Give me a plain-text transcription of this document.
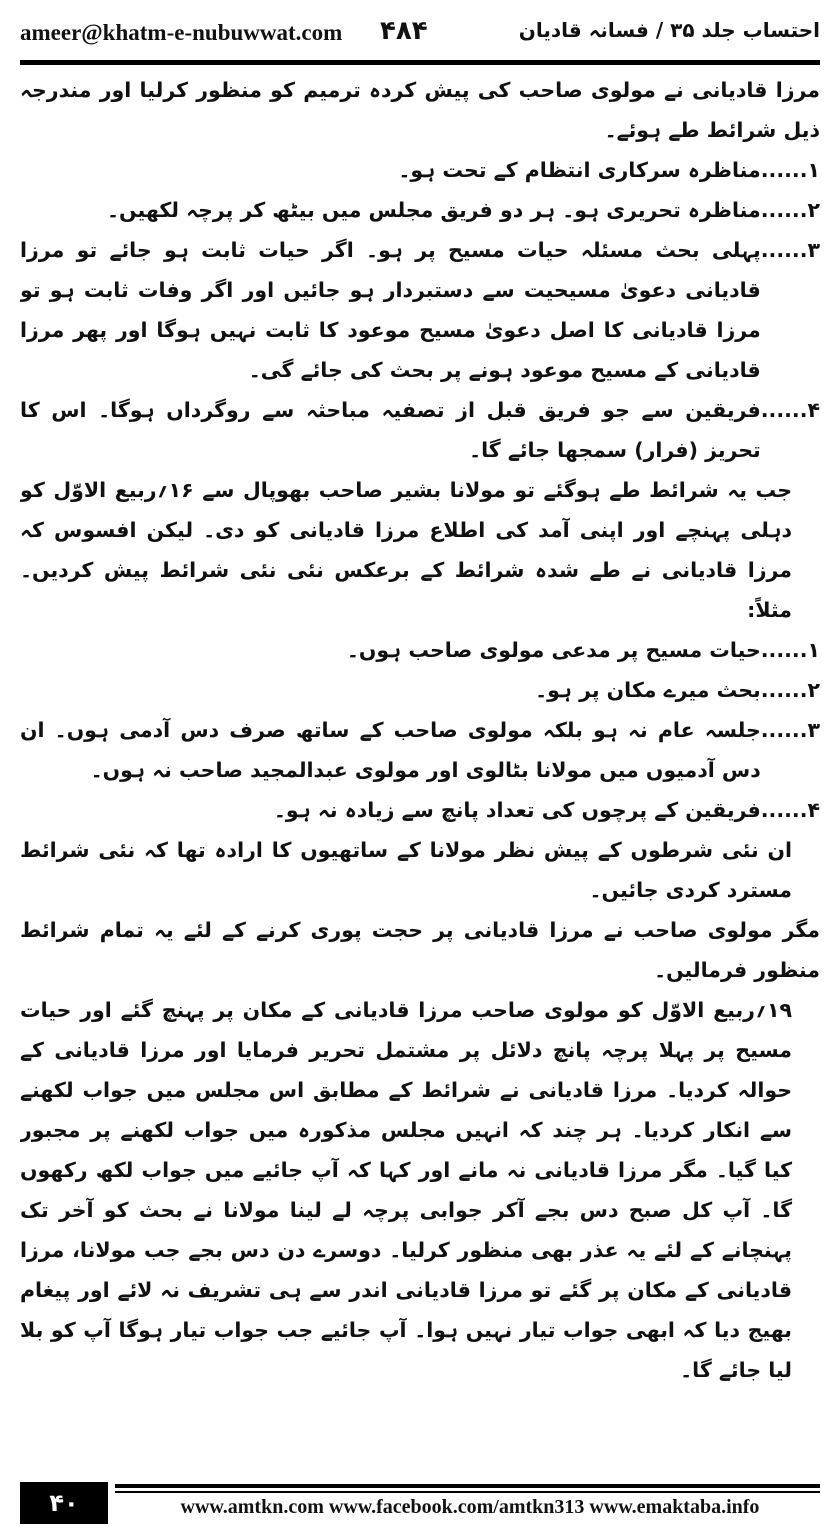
ameer@khatm-e-nubuwwat.com ۴۸۴	احتساب جلد ۳۵ / فسانہ قادیان

مرزا قادیانی نے مولوی صاحب کی پیش کردہ ترمیم کو منظور کرلیا اور مندرجہ ذیل شرائط طے ہوئے۔

۱......

مناظرہ سرکاری انتظام کے تحت ہو۔

۲......

مناظرہ تحریری ہو۔ ہر دو فریق مجلس میں بیٹھ کر پرچہ لکھیں۔

۳......

پہلی بحث مسئلہ حیات مسیح پر ہو۔ اگر حیات ثابت ہو جائے تو مرزا قادیانی دعویٰ مسیحیت سے دستبردار ہو جائیں اور اگر وفات ثابت ہو تو مرزا قادیانی کا اصل دعویٰ مسیح موعود کا ثابت نہیں ہوگا اور پھر مرزا قادیانی کے مسیح موعود ہونے پر بحث کی جائے گی۔

۴......

فریقین سے جو فریق قبل از تصفیہ مباحثہ سے روگرداں ہوگا۔ اس کا تحریز (فرار) سمجھا جائے گا۔

جب یہ شرائط طے ہوگئے تو مولانا بشیر صاحب بھوپال سے ۱۶؍ربیع الاوّل کو دہلی پہنچے اور اپنی آمد کی اطلاع مرزا قادیانی کو دی۔ لیکن افسوس کہ مرزا قادیانی نے طے شدہ شرائط کے برعکس نئی نئی شرائط پیش کردیں۔ مثلاً:

۱......

حیات مسیح پر مدعی مولوی صاحب ہوں۔

۲......

بحث میرے مکان پر ہو۔

۳......

جلسہ عام نہ ہو بلکہ مولوی صاحب کے ساتھ صرف دس آدمی ہوں۔ ان دس آدمیوں میں مولانا بٹالوی اور مولوی عبدالمجید صاحب نہ ہوں۔

۴......

فریقین کے پرچوں کی تعداد پانچ سے زیادہ نہ ہو۔

ان نئی شرطوں کے پیش نظر مولانا کے ساتھیوں کا ارادہ تھا کہ نئی شرائط مسترد کردی جائیں۔

مگر مولوی صاحب نے مرزا قادیانی پر حجت پوری کرنے کے لئے یہ تمام شرائط منظور فرمالیں۔

۱۹؍ربیع الاوّل کو مولوی صاحب مرزا قادیانی کے مکان پر پہنچ گئے اور حیات مسیح پر پہلا پرچہ پانچ دلائل پر مشتمل تحریر فرمایا اور مرزا قادیانی کے حوالہ کردیا۔ مرزا قادیانی نے شرائط کے مطابق اس مجلس میں جواب لکھنے سے انکار کردیا۔ ہر چند کہ انہیں مجلس مذکورہ میں جواب لکھنے پر مجبور کیا گیا۔ مگر مرزا قادیانی نہ مانے اور کہا کہ آپ جائیے میں جواب لکھ رکھوں گا۔ آپ کل صبح دس بجے آکر جوابی پرچہ لے لینا مولانا نے بحث کو آخر تک پہنچانے کے لئے یہ عذر بھی منظور کرلیا۔ دوسرے دن دس بجے جب مولانا، مرزا قادیانی کے مکان پر گئے تو مرزا قادیانی اندر سے ہی تشریف نہ لائے اور پیغام بھیج دیا کہ ابھی جواب تیار نہیں ہوا۔ آپ جائیے جب جواب تیار ہوگا آپ کو بلا لیا جائے گا۔

۴۰	www.amtkn.com www.facebook.com/amtkn313 www.emaktaba.info
